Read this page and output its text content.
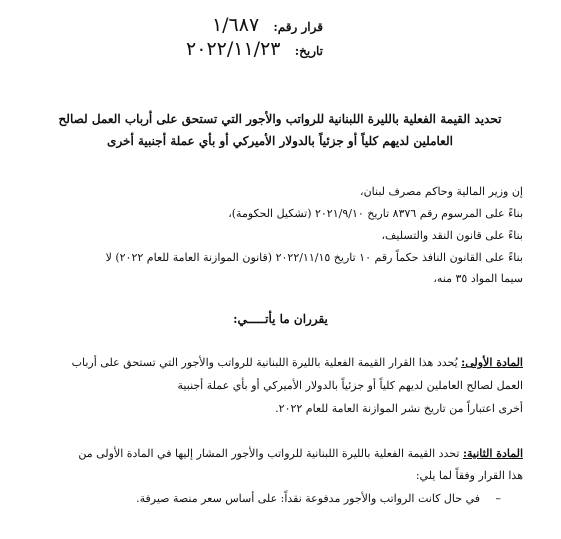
قرار رقم: ١/٦٨٧
تاريخ: ٢٠٢٢/١١/٢٣
تحديد القيمة الفعلية بالليرة اللبنانية للرواتب والأجور التي تستحق على أرباب العمل لصالح
العاملين لديهم كلياً أو جزئياً بالدولار الأميركي أو بأي عملة أجنبية أخرى
إن وزير المالية وحاكم مصرف لبنان،
بناءً على المرسوم رقم ٨٣٧٦ تاريخ ٢٠٢١/٩/١٠ (تشكيل الحكومة)،
بناءً على قانون النقد والتسليف،
بناءً على القانون النافذ حكماً رقم ١٠ تاريخ ٢٠٢٢/١١/١٥ (قانون الموازنة العامة للعام ٢٠٢٢) لا
سيما المواد ٣٥ منه،
يقرران ما يأتـــــي:
المادة الأولى: يُحدد هذا القرار القيمة الفعلية بالليرة اللبنانية للرواتب والأجور التي تستحق على أرباب
العمل لصالح العاملين لديهم كلياً أو جزئياً بالدولار الأميركي أو بأي عملة أجنبية
أخرى اعتباراً من تاريخ نشر الموازنة العامة للعام ٢٠٢٢.
المادة الثانية: تحدد القيمة الفعلية بالليرة اللبنانية للرواتب والأجور المشار إليها في المادة الأولى من
هذا القرار وفقاً لما يلي:
– في حال كانت الرواتب والأجور مدفوعة نقداً: على أساس سعر منصة صيرفة.
